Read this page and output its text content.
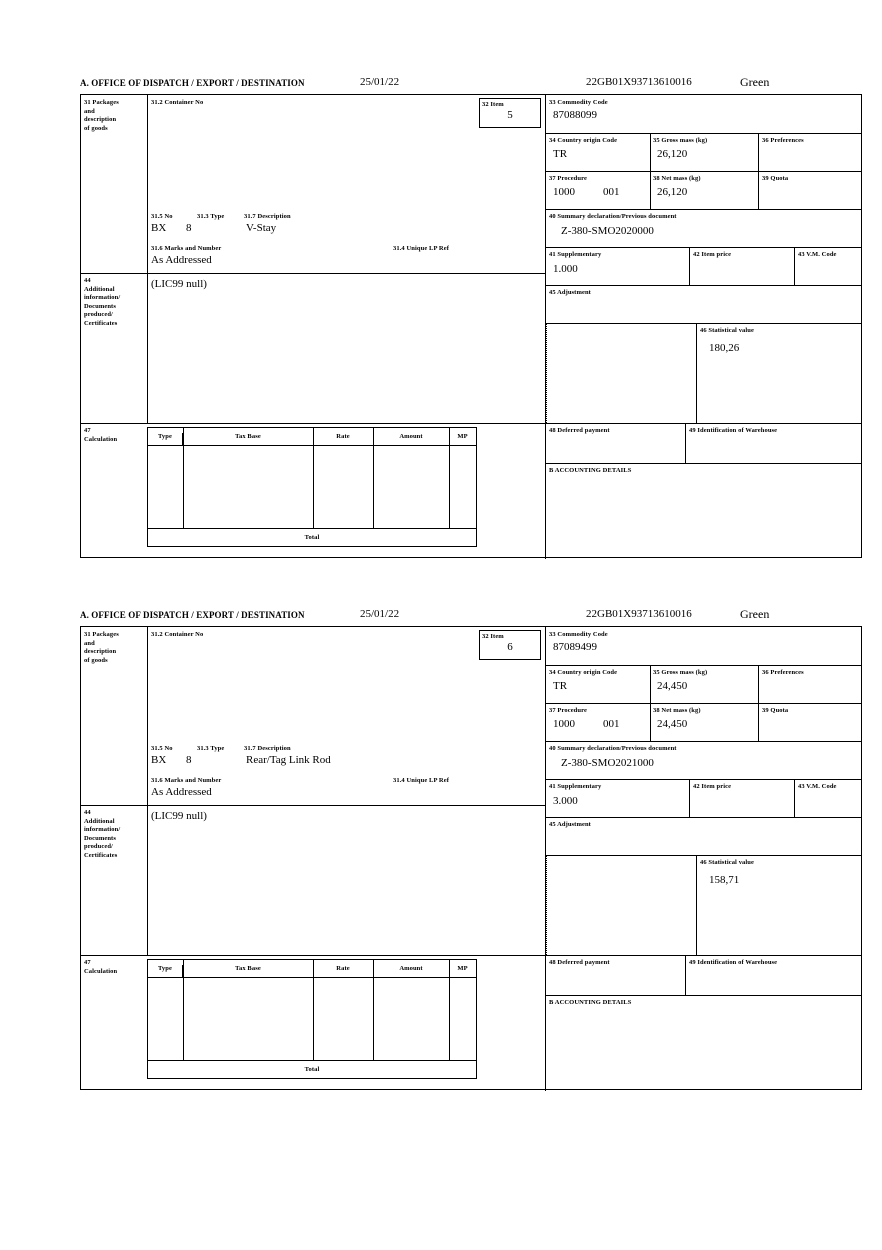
A. OFFICE OF DISPATCH / EXPORT / DESTINATION	25/01/22	22GB01X93713610016	Green
31 Packages
and
description
of goods
31.2 Container No	32 Item
5
31.5 No	31.3 Type	31.7 Description
BX 8	V-Stay
31.6 Marks and Number	31.4 Unique LP Ref
As Addressed
44
Additional
information/
Documents
produced/
Certificates
(LIC99 null)
33 Commodity Code
87088099
34 Country origin Code
TR
35 Gross mass (kg)
26,120
36 Preferences
37 Procedure
1000	001
38 Net mass (kg)
26,120
39 Quota
40 Summary declaration/Previous document
Z-380-SMO2020000
41 Supplementary
1.000
42 Item price	43 V.M. Code
45 Adjustment
46 Statistical value
180,26
47
Calculation	Type	Tax Base	Rate	Amount	MP
Total
48 Deferred payment	49 Identification of Warehouse
B ACCOUNTING DETAILS
A. OFFICE OF DISPATCH / EXPORT / DESTINATION	25/01/22	22GB01X93713610016	Green
31 Packages
and
description
of goods
31.2 Container No	32 Item
6
31.5 No	31.3 Type	31.7 Description
BX 8	Rear/Tag Link Rod
31.6 Marks and Number	31.4 Unique LP Ref
As Addressed
44
Additional
information/
Documents
produced/
Certificates
(LIC99 null)
33 Commodity Code
87089499
34 Country origin Code
TR
35 Gross mass (kg)
24,450
36 Preferences
37 Procedure
1000	001
38 Net mass (kg)
24,450
39 Quota
40 Summary declaration/Previous document
Z-380-SMO2021000
41 Supplementary
3.000
42 Item price	43 V.M. Code
45 Adjustment
46 Statistical value
158,71
47
Calculation	Type	Tax Base	Rate	Amount	MP
Total
48 Deferred payment	49 Identification of Warehouse
B ACCOUNTING DETAILS
